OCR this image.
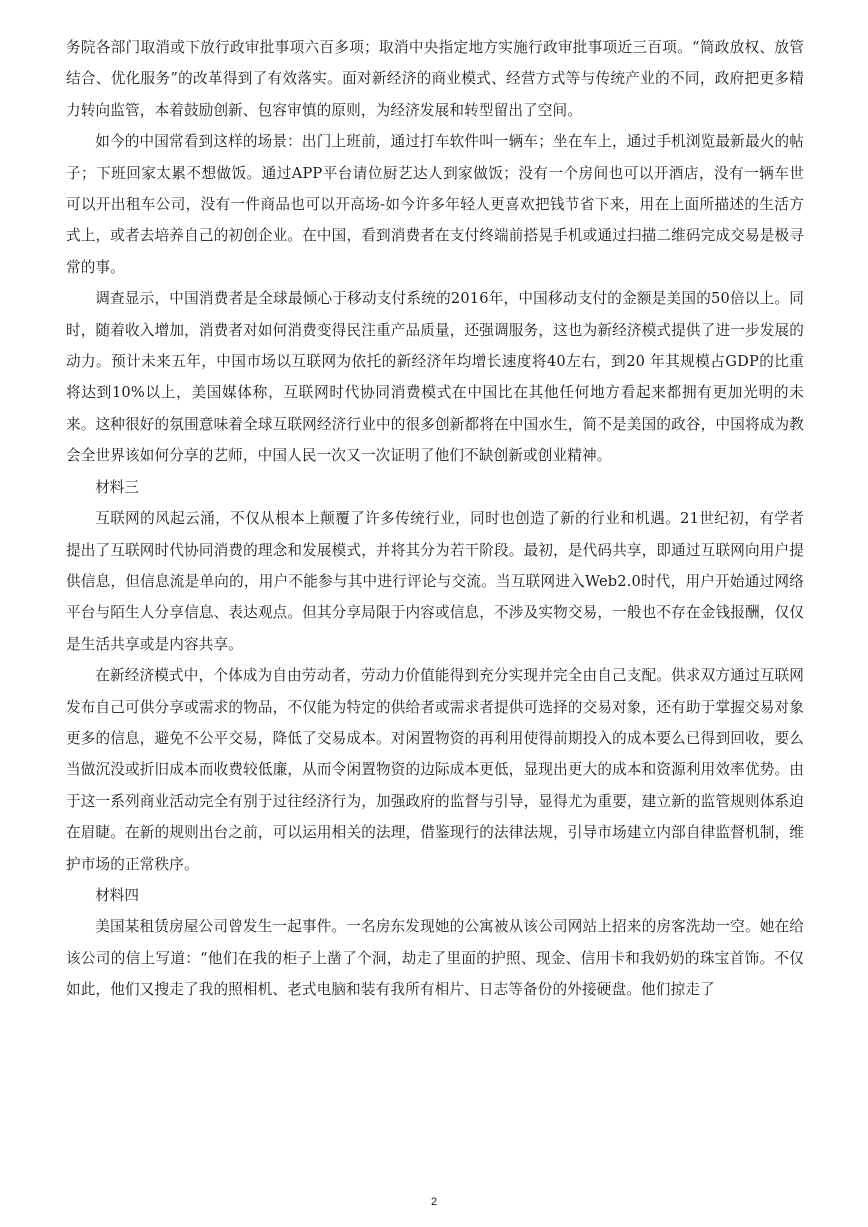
务院各部门取消或下放行政审批事项六百多项；取消中央指定地方实施行政审批事项近三百项。“简政放权、放管结合、优化服务”的改革得到了有效落实。面对新经济的商业模式、经营方式等与传统产业的不同，政府把更多精力转向监管，本着鼓励创新、包容审慎的原则，为经济发展和转型留出了空间。

如今的中国常看到这样的场景：出门上班前，通过打车软件叫一辆车；坐在车上，通过手机浏览最新最火的帖子；下班回家太累不想做饭。通过APP平台请位厨艺达人到家做饭；没有一个房间也可以开酒店，没有一辆车世可以开出租车公司，没有一件商品也可以开高场-如今许多年轻人更喜欢把钱节省下来，用在上面所描述的生活方式上，或者去培养自己的初创企业。在中国，看到消费者在支付终端前搭晃手机或通过扫描二维码完成交易是极寻常的事。

调查显示，中国消费者是全球最倾心于移动支付系统的2016年，中国移动支付的金额是美国的50倍以上。同时，随着收入增加，消费者对如何消费变得民注重产品质量，还强调服务，这也为新经济模式提供了进一步发展的动力。预计未来五年，中国市场以互联网为依托的新经济年均增长速度将40左右，到20 年其规模占GDP的比重将达到10%以上，美国媒体称，互联网时代协同消费模式在中国比在其他任何地方看起来都拥有更加光明的未来。这种很好的氛围意味着全球互联网经济行业中的很多创新都将在中国水生，简不是美国的政谷，中国将成为教会全世界该如何分享的艺师，中国人民一次又一次证明了他们不缺创新或创业精神。

材料三

互联网的风起云涌，不仅从根本上颠覆了许多传统行业，同时也创造了新的行业和机遇。21世纪初，有学者提出了互联网时代协同消费的理念和发展模式，并将其分为若干阶段。最初，是代码共享，即通过互联网向用户提供信息，但信息流是单向的，用户不能参与其中进行评论与交流。当互联网进入Web2.0时代，用户开始通过网络平台与陌生人分享信息、表达观点。但其分享局限于内容或信息，不涉及实物交易，一般也不存在金钱报酬，仅仅是生活共享或是内容共享。

在新经济模式中，个体成为自由劳动者，劳动力价值能得到充分实现并完全由自己支配。供求双方通过互联网发布自己可供分享或需求的物品，不仅能为特定的供给者或需求者提供可选择的交易对象，还有助于掌握交易对象更多的信息，避免不公平交易，降低了交易成本。对闲置物资的再利用使得前期投入的成本要么已得到回收，要么当做沉没或折旧成本而收费较低廉，从而令闲置物资的边际成本更低，显现出更大的成本和资源利用效率优势。由于这一系列商业活动完全有别于过往经济行为，加强政府的监督与引导，显得尤为重要，建立新的监管规则体系迫在眉睫。在新的规则出台之前，可以运用相关的法理，借鉴现行的法律法规，引导市场建立内部自律监督机制，维护市场的正常秩序。

材料四

美国某租赁房屋公司曾发生一起事件。一名房东发现她的公寓被从该公司网站上招来的房客洗劫一空。她在给该公司的信上写道：“他们在我的柜子上凿了个洞，劫走了里面的护照、现金、信用卡和我奶奶的珠宝首饰。不仅如此，他们又搜走了我的照相机、老式电脑和装有我所有相片、日志等备份的外接硬盘。他们掠走了

2
